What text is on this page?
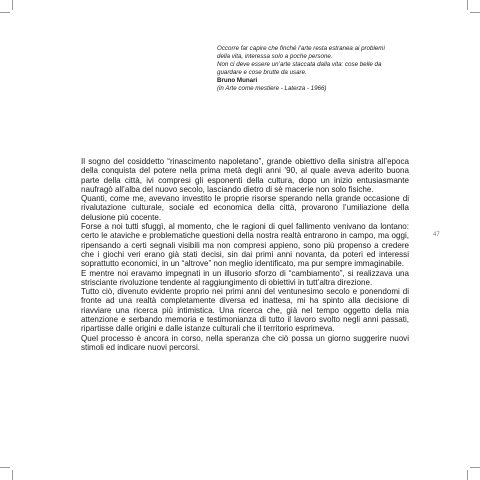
Occorre far capire che finché l’arte resta estranea ai problemi
della vita, interessa solo a poche persone.
Non ci deve essere un’arte staccata dalla vita: cose belle da
guardare e cose brutte da usare.

Bruno Munari

(in Arte come mestiere - Laterza - 1966)

Il sogno del cosiddetto “rinascimento napoletano”, grande obiettivo della sinistra all’epoca della conquista del potere nella prima metà degli anni ’90, al quale aveva aderito buona parte della città, ivi compresi gli esponenti della cultura, dopo un inizio entusiasmante naufragò all’alba del nuovo secolo, lasciando dietro di sè macerie non solo fisiche.

Quanti, come me, avevano investito le proprie risorse sperando nella grande occasione di rivalutazione culturale, sociale ed economica della città, provarono l’umiliazione della delusione più cocente.

Forse a noi tutti sfuggì, al momento, che le ragioni di quel fallimento venivano da lontano: certo le ataviche e problematiche questioni della nostra realtà entrarono in campo, ma oggi, ripensando a certi segnali visibili ma non compresi appieno, sono più propenso a credere che i giochi veri erano già stati decisi, sin dai primi anni novanta, da poteri ed interessi soprattutto economici, in un “altrove” non meglio identificato, ma pur sempre immaginabile.

E mentre noi eravamo impegnati in un illusorio sforzo di “cambiamento”, si realizzava una strisciante rivoluzione tendente al raggiungimento di obiettivi in tutt’altra direzione.

Tutto ciò, divenuto evidente proprio nei primi anni del ventunesimo secolo e ponendomi di fronte ad una realtà completamente diversa ed inattesa, mi ha spinto alla decisione di riavviare una ricerca più intimistica. Una ricerca che, già nel tempo oggetto della mia attenzione e serbando memoria e testimonianza di tutto il lavoro svolto negli anni passati, ripartisse dalle origini e dalle istanze culturali che il territorio esprimeva.

Quel processo è ancora in corso, nella speranza che ciò possa un giorno suggerire nuovi stimoli ed indicare nuovi percorsi.

47
